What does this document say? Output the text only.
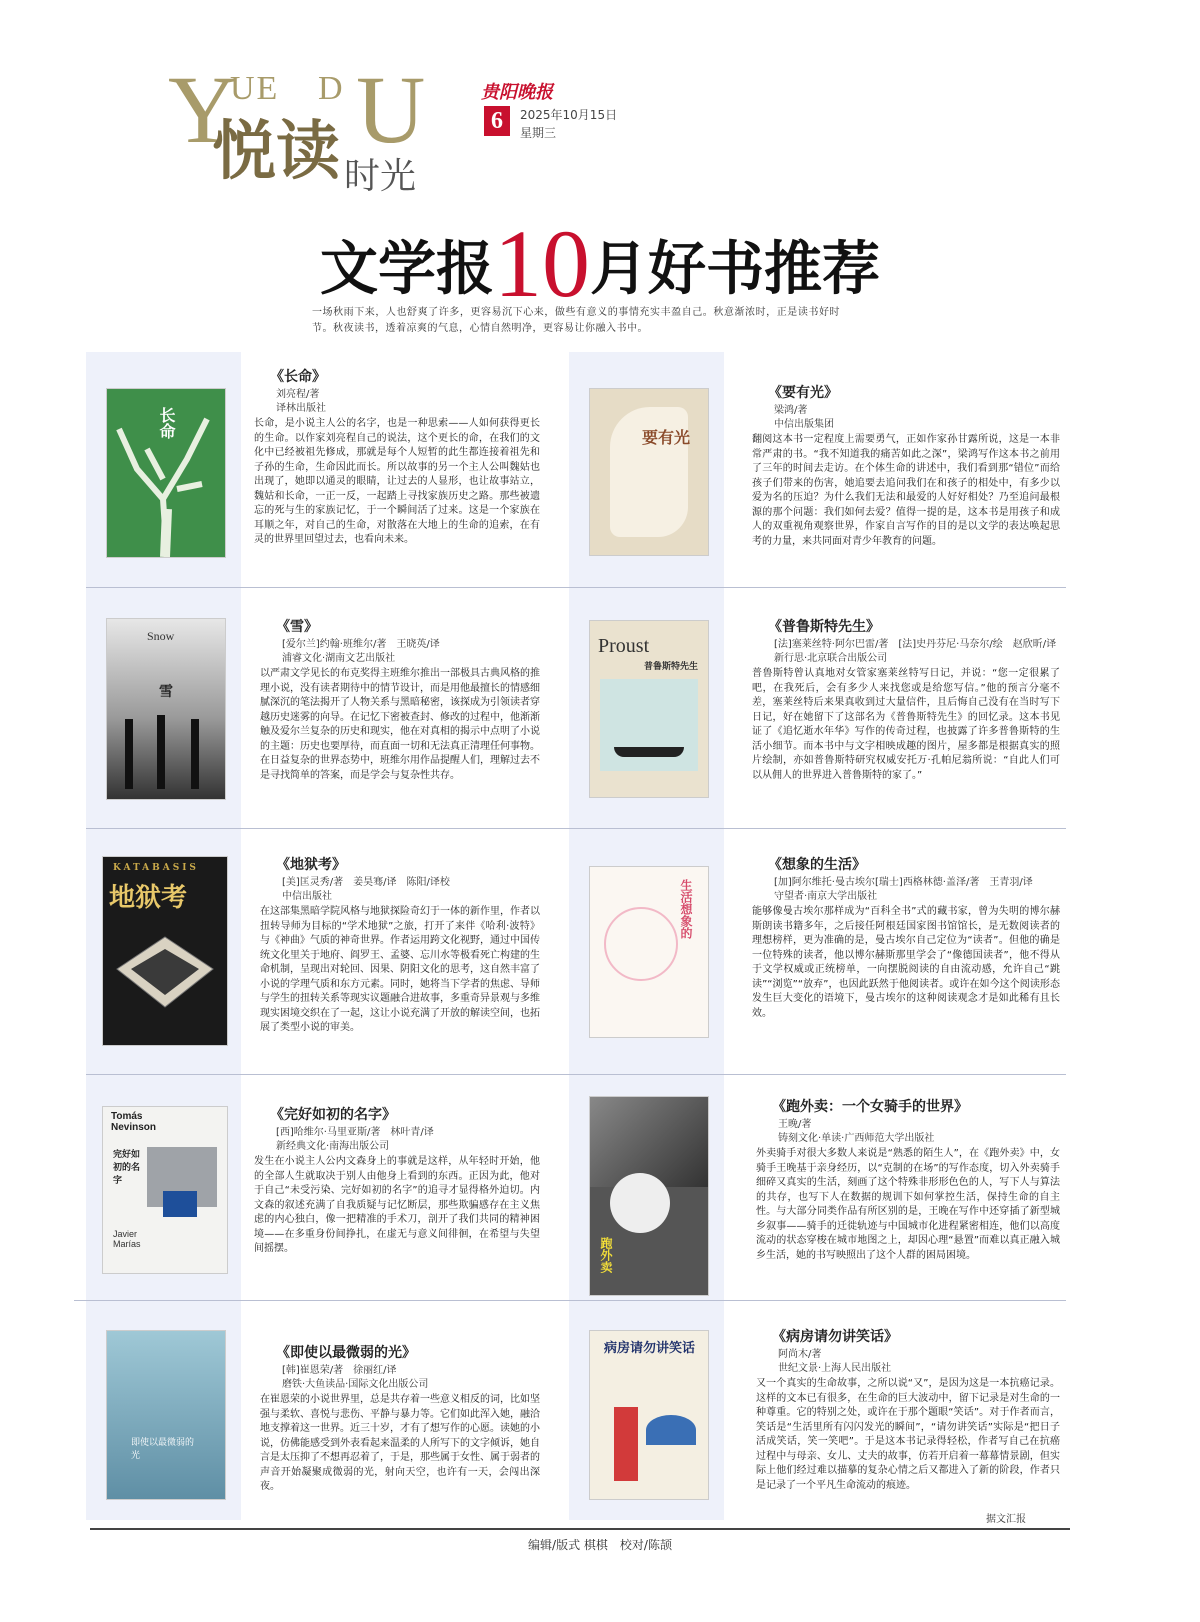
Y
UE D U
悦读 时光
贵阳晚报
6	2025年10月15日
星期三
文学报10月好书推荐
一场秋雨下来，人也舒爽了许多，更容易沉下心来，做些有意义的事情充实丰盈自己。秋意渐浓时，正是读书好时节。秋夜读书，透着凉爽的气息，心情自然明净，更容易让你融入书中。
长命
《长命》
刘亮程/著
译林出版社
长命，是小说主人公的名字，也是一种思索——人如何获得更长的生命。以作家刘亮程自己的说法，这个更长的命，在我们的文化中已经被祖先修成，那就是每个人短暂的此生都连接着祖先和子孙的生命，生命因此而长。所以故事的另一个主人公叫魏姑也出现了，她即以通灵的眼睛，让过去的人显形，也让故事站立，魏姑和长命，一正一反，一起踏上寻找家族历史之路。那些被遗忘的死与生的家族记忆，于一个瞬间活了过来。这是一个家族在耳顺之年，对自己的生命，对散落在大地上的生命的追索，在有灵的世界里回望过去，也看向未来。
要有光
《要有光》
梁鸿/著
中信出版集团
翻阅这本书一定程度上需要勇气，正如作家孙甘露所说，这是一本非常严肃的书。“我不知道我的痛苦如此之深”，梁鸿写作这本书之前用了三年的时间去走访。在个体生命的讲述中，我们看到那“错位”而给孩子们带来的伤害，她追要去追问我们在和孩子的相处中，有多少以爱为名的压迫？为什么我们无法和最爱的人好好相处？乃至追问最根源的那个问题：我们如何去爱？值得一提的是，这本书是用孩子和成人的双重视角观察世界，作家自言写作的目的是以文学的表达唤起思考的力量，来共同面对青少年教育的问题。
Snow
雪
《雪》
[爱尔兰]约翰·班维尔/著　王晓英/译
浦睿文化·湖南文艺出版社
以严肃文学见长的布克奖得主班维尔推出一部极具古典风格的推理小说，没有读者期待中的情节设计，而是用他最擅长的情感细腻深沉的笔法揭开了人物关系与黑暗秘密，该探成为引领读者穿越历史迷雾的向导。在记忆下密被查封、修改的过程中，他渐渐触及爱尔兰复杂的历史和现实，他在对真相的揭示中点明了小说的主题：历史也要厚待，而直面一切和无法真正清理任何事物。在日益复杂的世界态势中，班维尔用作品提醒人们，理解过去不是寻找简单的答案，而是学会与复杂性共存。
Proust
普鲁斯特先生
《普鲁斯特先生》
[法]塞莱丝特·阿尔巴雷/著　[法]史丹芬尼·马奈尔/绘　赵欣昕/译
新行思·北京联合出版公司
普鲁斯特曾认真地对女管家塞莱丝特写日记，并说：“您一定很累了吧，在我死后，会有多少人来找您或是给您写信。”他的预言分毫不差，塞莱丝特后来果真收到过大量信件，且后悔自己没有在当时写下日记，好在她留下了这部名为《普鲁斯特先生》的回忆录。这本书见证了《追忆逝水年华》写作的传奇过程，也披露了许多普鲁斯特的生活小细节。而本书中与文字相映成趣的图片，屋多都是根据真实的照片绘制，亦如普鲁斯特研究权威安托万·孔帕尼翁所说：“自此人们可以从佣人的世界进入普鲁斯特的家了。”
KATABASIS
地狱考
《地狱考》
[美]匡灵秀/著　姜昊骞/译　陈阳/译校
中信出版社
在这部集黑暗学院风格与地狱探险奇幻于一体的新作里，作者以扭转导师为目标的“学术地狱”之旅，打开了来伴《哈利·波特》与《神曲》气质的神奇世界。作者运用跨文化视野，通过中国传统文化里关于地府、阎罗王、孟婆、忘川水等极看死亡构建的生命机制，呈现出对轮回、因果、阴阳文化的思考，这自然丰富了小说的学理气质和东方元素。同时，她将当下学者的焦虑、导师与学生的扭转关系等现实议题融合进故事，多重奇异景观与多维现实困境交织在了一起，这让小说充满了开放的解读空间，也拓展了类型小说的审美。
生活想象的
《想象的生活》
[加]阿尔维托·曼古埃尔[瑞士]西格林德·盖泽/著　王青羽/译
守望者·南京大学出版社
能够像曼古埃尔那样成为“百科全书”式的藏书家，曾为失明的博尔赫斯朗读书籍多年，之后接任阿根廷国家图书馆馆长，是无数阅读者的理想榜样，更为准确的是，曼古埃尔自己定位为“读者”。但他的确是一位特殊的读者，他以博尔赫斯那里学会了“像德国读者”，他不得从于文学权威或正统榜单，一向摆脱阅读的自由流动感，允许自己“跳读”“浏览”“放弃”，也因此跃然于他阅读者。或许在如今这个阅读形态发生巨大变化的语境下，曼古埃尔的这种阅读观念才是如此稀有且长效。
Tomás Nevinson
完好如初的名字
Javier Marías
《完好如初的名字》
[西]哈维尔·马里亚斯/著　林叶青/译
新经典文化·南海出版公司
发生在小说主人公内文森身上的事就是这样，从年轻时开始，他的全部人生就取决于别人由他身上看到的东西。正因为此，他对于自己“未受污染、完好如初的名字”的追寻才显得格外迫切。内文森的叙述充满了自我质疑与记忆断层，那些欺骗感存在主义焦虑的内心独白，像一把精准的手术刀，剖开了我们共同的精神困境——在多重身份间挣扎，在虚无与意义间徘徊，在希望与失望间摇摆。	跑外卖
《跑外卖：一个女骑手的世界》
王晚/著
铸刻文化·单读·广西师范大学出版社
外卖骑手对很大多数人来说是“熟悉的陌生人”，在《跑外卖》中，女骑手王晚基于亲身经历，以“克制的在场”的写作态度，切入外卖骑手细碎又真实的生活，刻画了这个特殊非形形色色的人，写下人与算法的共存，也写下人在数据的规训下如何掌控生活，保持生命的自主性。与大部分同类作品有所区别的是，王晚在写作中还穿插了新型城乡叙事——骑手的迁徙轨迹与中国城市化进程紧密相连，他们以高度流动的状态穿梭在城市地图之上，却因心理“悬置”而难以真正融入城乡生活，她的书写映照出了这个人群的困局困境。
即使以最微弱的光
《即使以最微弱的光》
[韩]崔恩荣/著　徐丽红/译
磨铁·大鱼读品·国际文化出版公司
在崔恩荣的小说世界里，总是共存着一些意义相反的词，比如坚强与柔软、喜悦与悲伤、平静与暴力等。它们如此浑入她，融洽地支撑着这一世界。近三十岁，才有了想写作的心愿。读她的小说，仿佛能感受到外表看起来温柔的人所写下的文字倾诉，她自言是太压抑了不想再忍着了，于是，那些属于女性、属于弱者的声音开始凝聚成微弱的光，射向天空，也许有一天，会闯出深夜。
病房请勿讲笑话
《病房请勿讲笑话》
阿尚木/著
世纪文景·上海人民出版社
又一个真实的生命故事，之所以说“又”，是因为这是一本抗癌记录。这样的文本已有很多，在生命的巨大波动中，留下记录是对生命的一种尊重。它的特别之处，或许在于那个题眼“笑话”。对于作者而言，笑话是“生活里所有闪闪发光的瞬间”，“请勿讲笑话”实际是“把日子活成笑话，笑一笑吧”。于是这本书记录得轻松，作者写自己在抗癌过程中与母亲、女儿、丈夫的故事，仿若开启着一幕幕情景剧，但实际上他们经过难以描摹的复杂心情之后又都进入了新的阶段，作者只是记录了一个平凡生命流动的痕迹。
据文汇报
编辑/版式 棋棋　校对/陈颉
